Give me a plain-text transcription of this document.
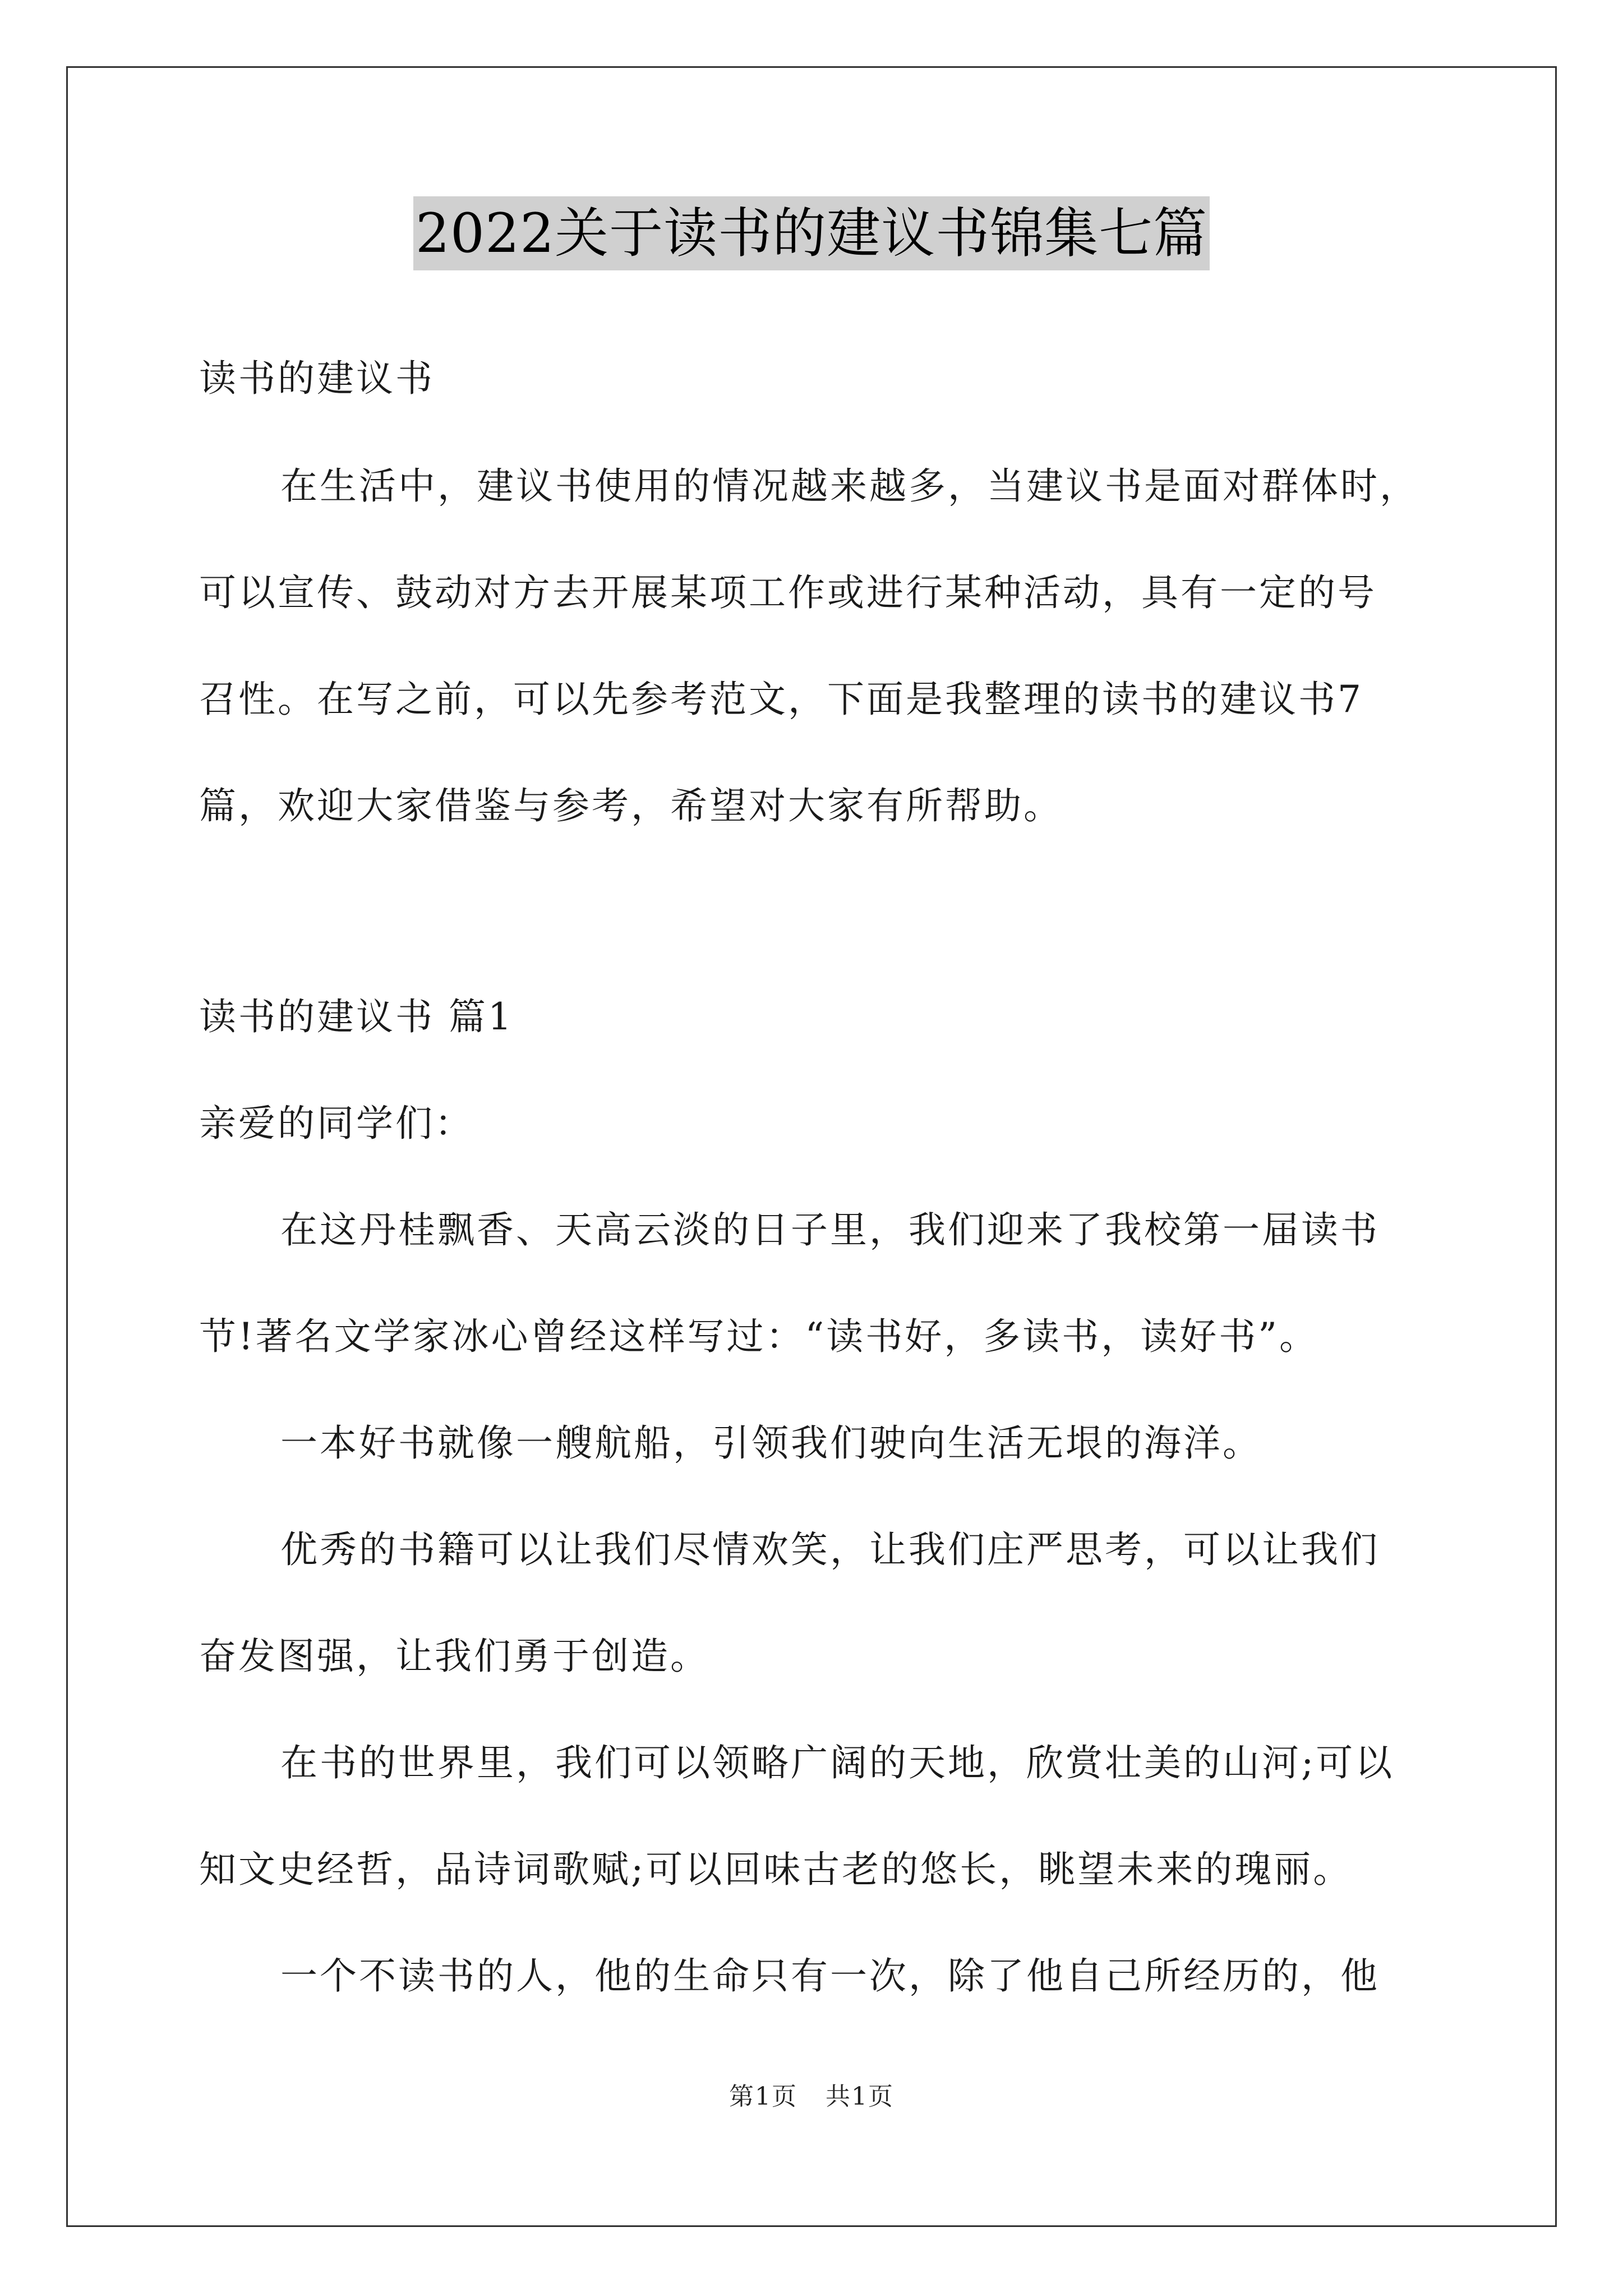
2022关于读书的建议书锦集七篇
读书的建议书
在生活中，建议书使用的情况越来越多，当建议书是面对群体时，
可以宣传、鼓动对方去开展某项工作或进行某种活动，具有一定的号
召性。在写之前，可以先参考范文，下面是我整理的读书的建议书7
篇，欢迎大家借鉴与参考，希望对大家有所帮助。
读书的建议书 篇1
亲爱的同学们：
在这丹桂飘香、天高云淡的日子里，我们迎来了我校第一届读书
节!著名文学家冰心曾经这样写过：“读书好，多读书，读好书”。
一本好书就像一艘航船，引领我们驶向生活无垠的海洋。
优秀的书籍可以让我们尽情欢笑，让我们庄严思考，可以让我们
奋发图强，让我们勇于创造。
在书的世界里，我们可以领略广阔的天地，欣赏壮美的山河;可以
知文史经哲，品诗词歌赋;可以回味古老的悠长，眺望未来的瑰丽。
一个不读书的人，他的生命只有一次，除了他自己所经历的，他
第1页 共1页
